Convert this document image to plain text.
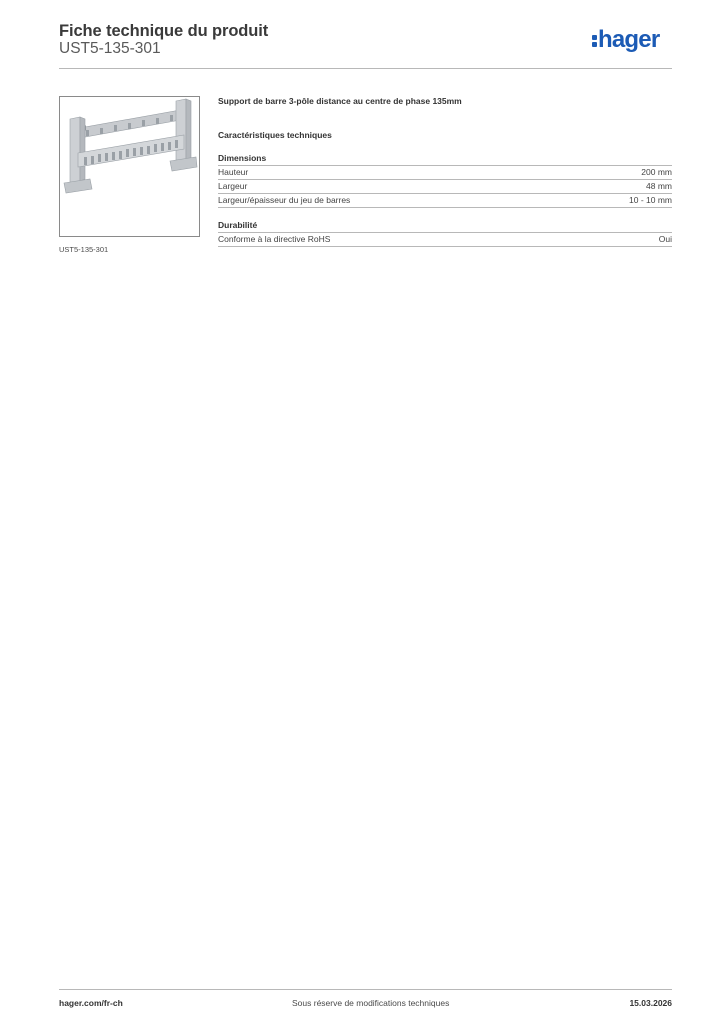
Fiche technique du produit
UST5-135-301	hager
UST5-135-301
Support de barre 3-pôle distance au centre de phase 135mm
Caractéristiques techniques
Dimensions
Hauteur	200 mm
Largeur	48 mm
Largeur/épaisseur du jeu de barres	10 - 10 mm
Durabilité
Conforme à la directive RoHS	Oui
hager.com/fr-ch	Sous réserve de modifications techniques	15.03.2026
